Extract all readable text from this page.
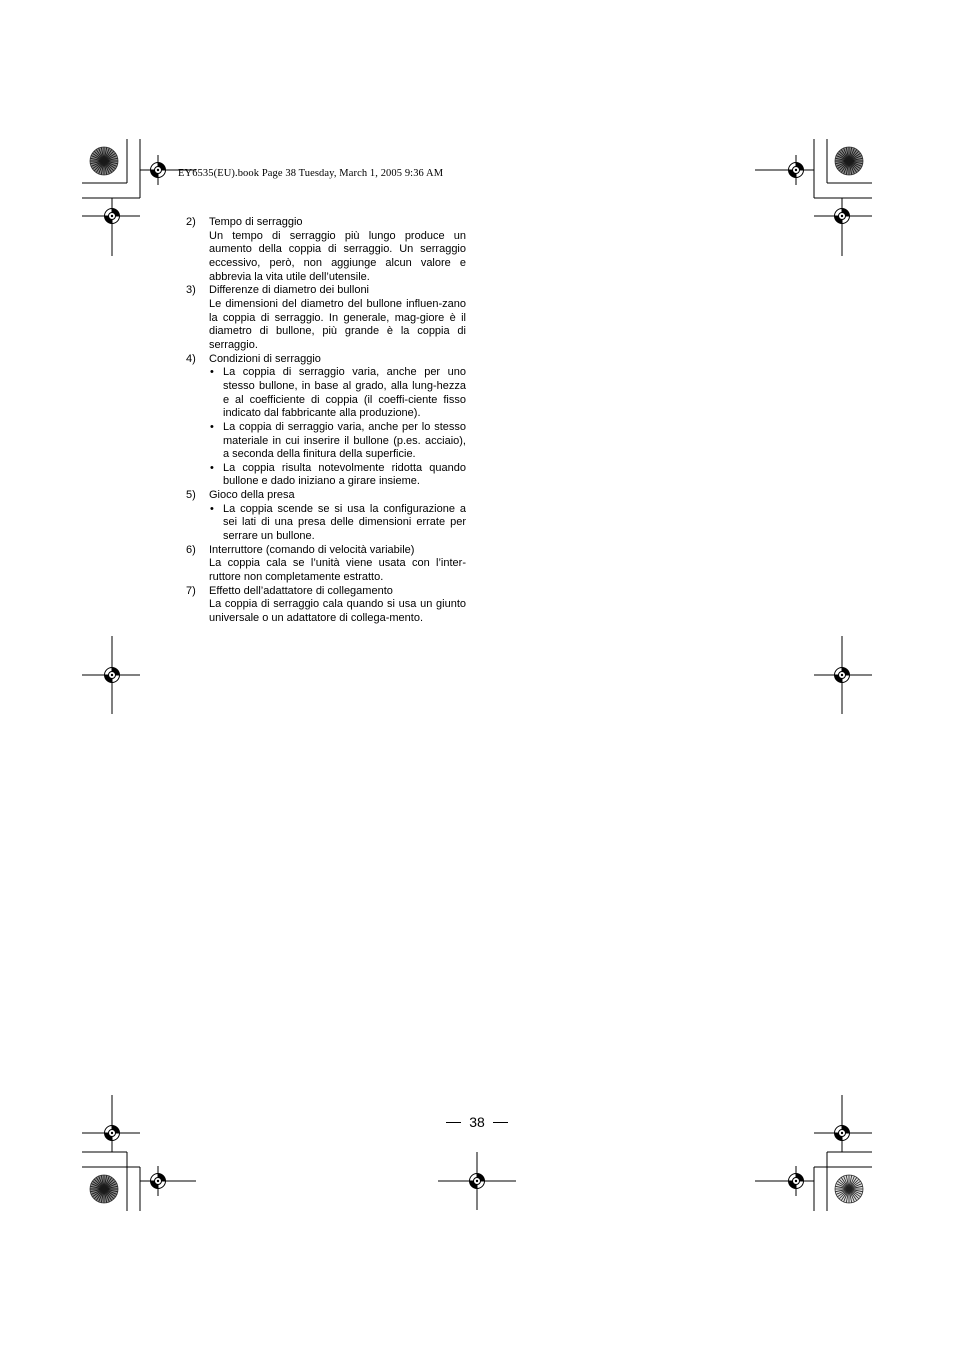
EY6535(EU).book Page 38 Tuesday, March 1, 2005 9:36 AM
2) Tempo di serraggio
Un tempo di serraggio più lungo produce un aumento della coppia di serraggio. Un serraggio eccessivo, però, non aggiunge alcun valore e abbrevia la vita utile dell’utensile.
3) Differenze di diametro dei bulloni
Le dimensioni del diametro del bullone influen-zano la coppia di serraggio. In generale, mag-giore è il diametro di bullone, più grande è la coppia di serraggio.
4) Condizioni di serraggio
• La coppia di serraggio varia, anche per uno stesso bullone, in base al grado, alla lung-hezza e al coefficiente di coppia (il coeffi-ciente fisso indicato dal fabbricante alla produzione).
• La coppia di serraggio varia, anche per lo stesso materiale in cui inserire il bullone (p.es. acciaio), a seconda della finitura della superficie.
• La coppia risulta notevolmente ridotta quando bullone e dado iniziano a girare insieme.
5) Gioco della presa
• La coppia scende se si usa la configurazione a sei lati di una presa delle dimensioni errate per serrare un bullone.
6) Interruttore (comando di velocità variabile)
La coppia cala se l’unità viene usata con l’inter-ruttore non completamente estratto.
7) Effetto dell’adattatore di collegamento
La coppia di serraggio cala quando si usa un giunto universale o un adattatore di collega-mento.
38
